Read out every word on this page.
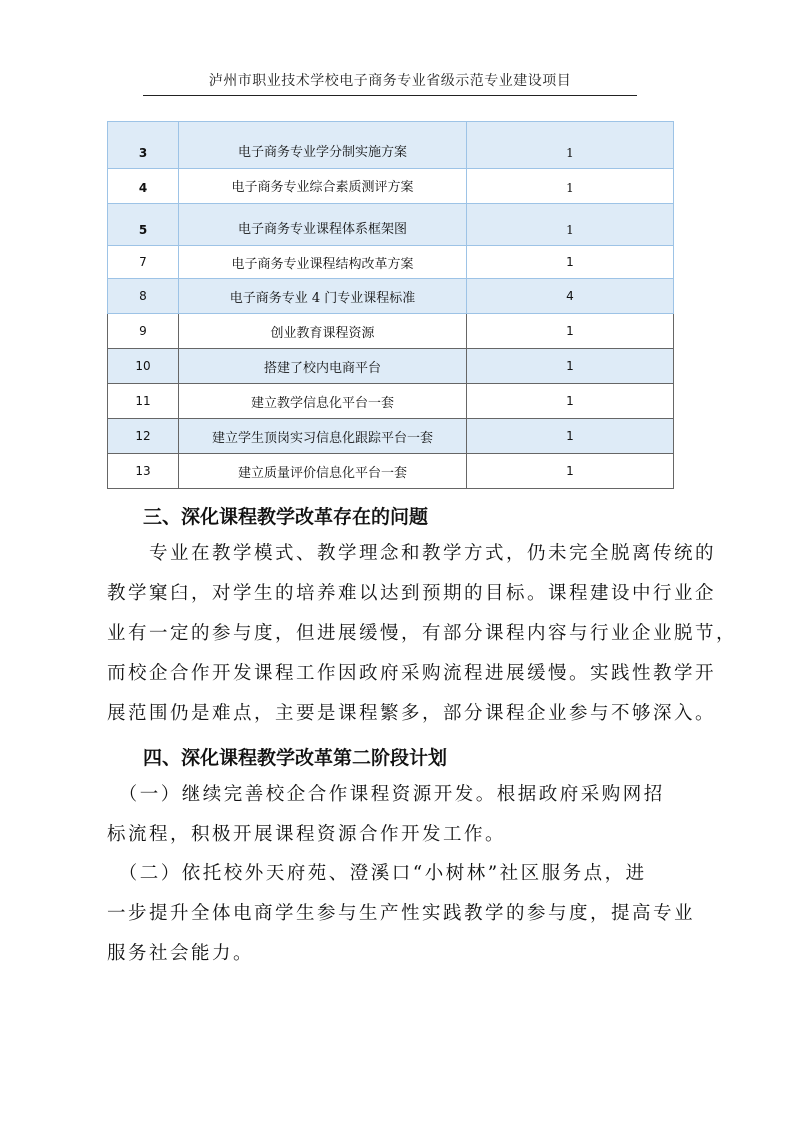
泸州市职业技术学校电子商务专业省级示范专业建设项目
3	电子商务专业学分制实施方案	1
4	电子商务专业综合素质测评方案	1
5	电子商务专业课程体系框架图	1
7	电子商务专业课程结构改革方案	1
8	电子商务专业 4 门专业课程标准	4
9	创业教育课程资源	1
10	搭建了校内电商平台	1
11	建立教学信息化平台一套	1
12	建立学生顶岗实习信息化跟踪平台一套	1
13	建立质量评价信息化平台一套	1
三、深化课程教学改革存在的问题
　　专业在教学模式、教学理念和教学方式，仍未完全脱离传统的
教学窠臼，对学生的培养难以达到预期的目标。课程建设中行业企
业有一定的参与度，但进展缓慢，有部分课程内容与行业企业脱节，
而校企合作开发课程工作因政府采购流程进展缓慢。实践性教学开
展范围仍是难点，主要是课程繁多，部分课程企业参与不够深入。
四、深化课程教学改革第二阶段计划
　（一）继续完善校企合作课程资源开发。根据政府采购网招
标流程，积极开展课程资源合作开发工作。
　（二）依托校外天府苑、澄溪口“小树林”社区服务点，进
一步提升全体电商学生参与生产性实践教学的参与度，提高专业
服务社会能力。
